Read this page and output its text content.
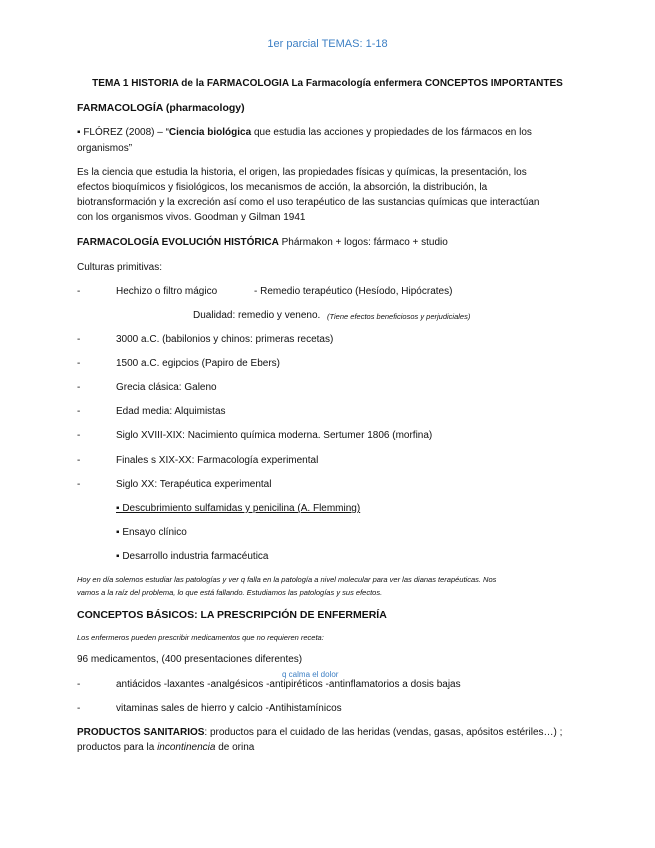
1er parcial TEMAS: 1-18
TEMA 1 HISTORIA de la FARMACOLOGIA La Farmacología enfermera CONCEPTOS IMPORTANTES
FARMACOLOGÍA (pharmacology)
▪ FLÓREZ (2008) – “Ciencia biológica que estudia las acciones y propiedades de los fármacos en los
organismos”
Es la ciencia que estudia la historia, el origen, las propiedades físicas y químicas, la presentación, los
efectos bioquímicos y fisiológicos, los mecanismos de acción, la absorción, la distribución, la
biotransformación y la excreción así como el uso terapéutico de las sustancias químicas que interactúan
con los organismos vivos. Goodman y Gilman 1941
FARMACOLOGÍA EVOLUCIÓN HISTÓRICA Phármakon + logos: fármaco + studio
Culturas primitivas:
-	Hechizo o filtro mágico	- Remedio terapéutico (Hesíodo, Hipócrates)
Dualidad: remedio y veneno. (Tiene efectos beneficiosos y perjudiciales)
-	3000 a.C. (babilonios y chinos: primeras recetas)
-	1500 a.C. egipcios (Papiro de Ebers)
-	Grecia clásica: Galeno
-	Edad media: Alquimistas
-	Siglo XVIII-XIX: Nacimiento química moderna. Sertumer 1806 (morfina)
-	Finales s XIX-XX: Farmacología experimental
-	Siglo XX: Terapéutica experimental
▪ Descubrimiento sulfamidas y penicilina (A. Flemming)
▪ Ensayo clínico
▪ Desarrollo industria farmacéutica
Hoy en día solemos estudiar las patologías y ver q falla en la patología a nivel molecular para ver las dianas terapéuticas. Nos
vamos a la raíz del problema, lo que está fallando. Estudiamos las patologías y sus efectos.
CONCEPTOS BÁSICOS: LA PRESCRIPCIÓN DE ENFERMERÍA
Los enfermeros pueden prescribir medicamentos que no requieren receta:
96 medicamentos, (400 presentaciones diferentes)
q calma el dolor
-	antiácidos -laxantes -analgésicos -antipiréticos -antinflamatorios a dosis bajas
-	vitaminas sales de hierro y calcio -Antihistamínicos
PRODUCTOS SANITARIOS: productos para el cuidado de las heridas (vendas, gasas, apósitos estériles…) ;
productos para la incontinencia de orina
